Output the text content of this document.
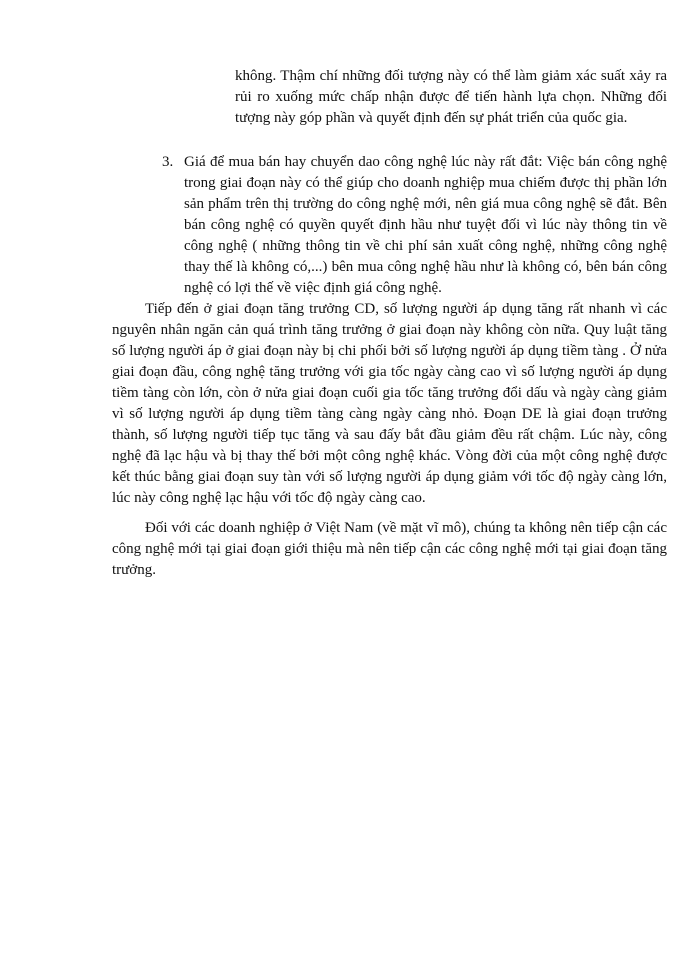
không. Thậm chí những đối tượng này có thể làm giảm xác suất xảy ra rủi ro xuống mức chấp nhận được để tiến hành lựa chọn. Những đối tượng này góp phần và quyết định đến sự phát triển của quốc gia.

3. Giá để mua bán hay chuyển dao công nghệ lúc này rất đắt: Việc bán công nghệ trong giai đoạn này có thể giúp cho doanh nghiệp mua chiếm được thị phần lớn sản phẩm trên thị trường do công nghệ mới, nên giá mua công nghệ sẽ đắt. Bên bán công nghệ có quyền quyết định hầu như tuyệt đối vì lúc này thông tin về công nghệ ( những thông tin về chi phí sản xuất công nghệ, những công nghệ thay thế là không có,...) bên mua công nghệ hầu như là không có, bên bán công nghệ có lợi thế về việc định giá công nghệ.

Tiếp đến ở giai đoạn tăng trưởng CD, số lượng người áp dụng tăng rất nhanh vì các nguyên nhân ngăn cản quá trình tăng trưởng ở giai đoạn này không còn nữa. Quy luật tăng số lượng người áp ở giai đoạn này bị chi phối bởi số lượng người áp dụng tiềm tàng . Ở nửa giai đoạn đầu, công nghệ tăng trưởng với gia tốc ngày càng cao vì số lượng người áp dụng tiềm tàng còn lớn, còn ở nửa giai đoạn cuối gia tốc tăng trưởng đổi dấu và ngày càng giảm vì số lượng người áp dụng tiềm tàng càng ngày càng nhỏ. Đoạn DE là giai đoạn trưởng thành, số lượng người tiếp tục tăng và sau đấy bắt đầu giảm đều rất chậm. Lúc này, công nghệ đã lạc hậu và bị thay thế bởi một công nghệ khác. Vòng đời của một công nghệ được kết thúc bằng giai đoạn suy tàn với số lượng người áp dụng giảm với tốc độ ngày càng lớn, lúc này công nghệ lạc hậu với tốc độ ngày càng cao.

Đối với các doanh nghiệp ở Việt Nam (về mặt vĩ mô), chúng ta không nên tiếp cận các công nghệ mới tại giai đoạn giới thiệu mà nên tiếp cận các công nghệ mới tại giai đoạn tăng trưởng.
